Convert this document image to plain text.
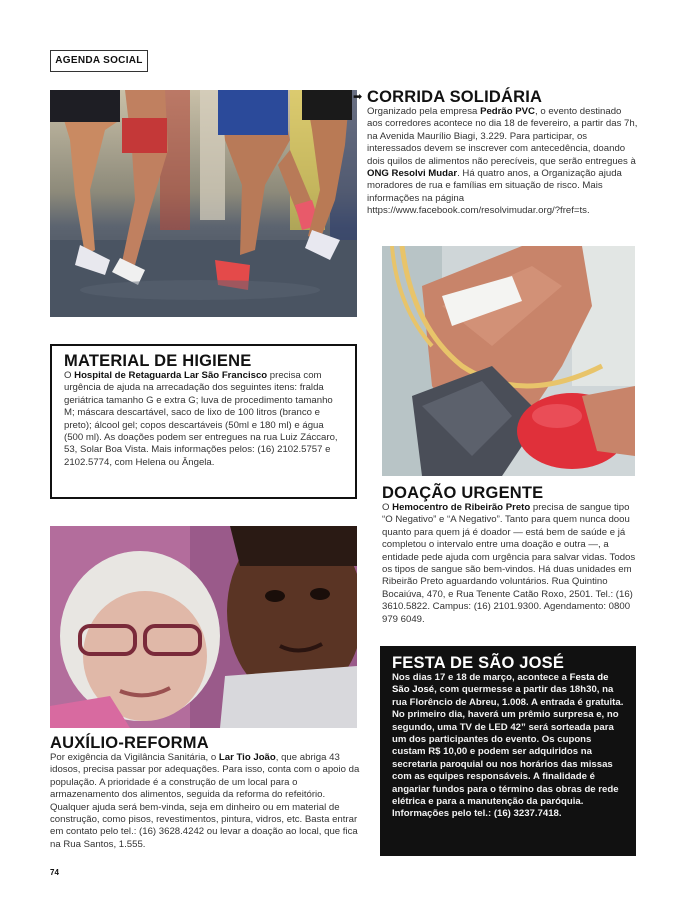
AGENDA SOCIAL
➡ CORRIDA SOLIDÁRIA

Organizado pela empresa Pedrão PVC, o evento destinado aos corredores acontece no dia 18 de fevereiro, a partir das 7h, na Avenida Maurílio Biagi, 3.229. Para participar, os interessados devem se inscrever com antecedência, doando dois quilos de alimentos não perecíveis, que serão entregues à ONG Resolvi Mudar. Há quatro anos, a Organização ajuda moradores de rua e famílias em situação de risco. Mais informações na página https://www.facebook.com/resolvimudar.org/?fref=ts.

MATERIAL DE HIGIENE

O Hospital de Retaguarda Lar São Francisco precisa com urgência de ajuda na arrecadação dos seguintes itens: fralda geriátrica tamanho G e extra G; luva de procedimento tamanho M; máscara descartável, saco de lixo de 100 litros (branco e preto); álcool gel; copos descartáveis (50ml e 180 ml) e água (500 ml). As doações podem ser entregues na rua Luiz Záccaro, 53, Solar Boa Vista. Mais informações pelos: (16) 2102.5757 e 2102.5774, com Helena ou Ângela.

DOAÇÃO URGENTE

O Hemocentro de Ribeirão Preto precisa de sangue tipo “O Negativo” e “A Negativo”. Tanto para quem nunca doou quanto para quem já é doador — está bem de saúde e já completou o intervalo entre uma doação e outra —, a entidade pede ajuda com urgência para salvar vidas. Todos os tipos de sangue são bem-vindos. Há duas unidades em Ribeirão Preto aguardando voluntários. Rua Quintino Bocaiúva, 470, e Rua Tenente Catão Roxo, 2501. Tel.: (16) 3610.5822. Campus: (16) 2101.9300. Agendamento: 0800 979 6049.

AUXÍLIO-REFORMA

Por exigência da Vigilância Sanitária, o Lar Tio João, que abriga 43 idosos, precisa passar por adequações. Para isso, conta com o apoio da população. A prioridade é a construção de um local para o armazenamento dos alimentos, seguida da reforma do refeitório. Qualquer ajuda será bem-vinda, seja em dinheiro ou em material de construção, como pisos, revestimentos, pintura, vidros, etc. Basta entrar em contato pelo tel.: (16) 3628.4242 ou levar a doação ao local, que fica na Rua Santos, 1.555.

FESTA DE SÃO JOSÉ

Nos dias 17 e 18 de março, acontece a Festa de São José, com quermesse a partir das 18h30, na rua Florêncio de Abreu, 1.008. A entrada é gratuita. No primeiro dia, haverá um prêmio surpresa e, no segundo, uma TV de LED 42” será sorteada para um dos participantes do evento. Os cupons custam R$ 10,00 e podem ser adquiridos na secretaria paroquial ou nos horários das missas com as equipes responsáveis. A finalidade é angariar fundos para o término das obras de rede elétrica e para a manutenção da paróquia. Informações pelo tel.: (16) 3237.7418.

74
